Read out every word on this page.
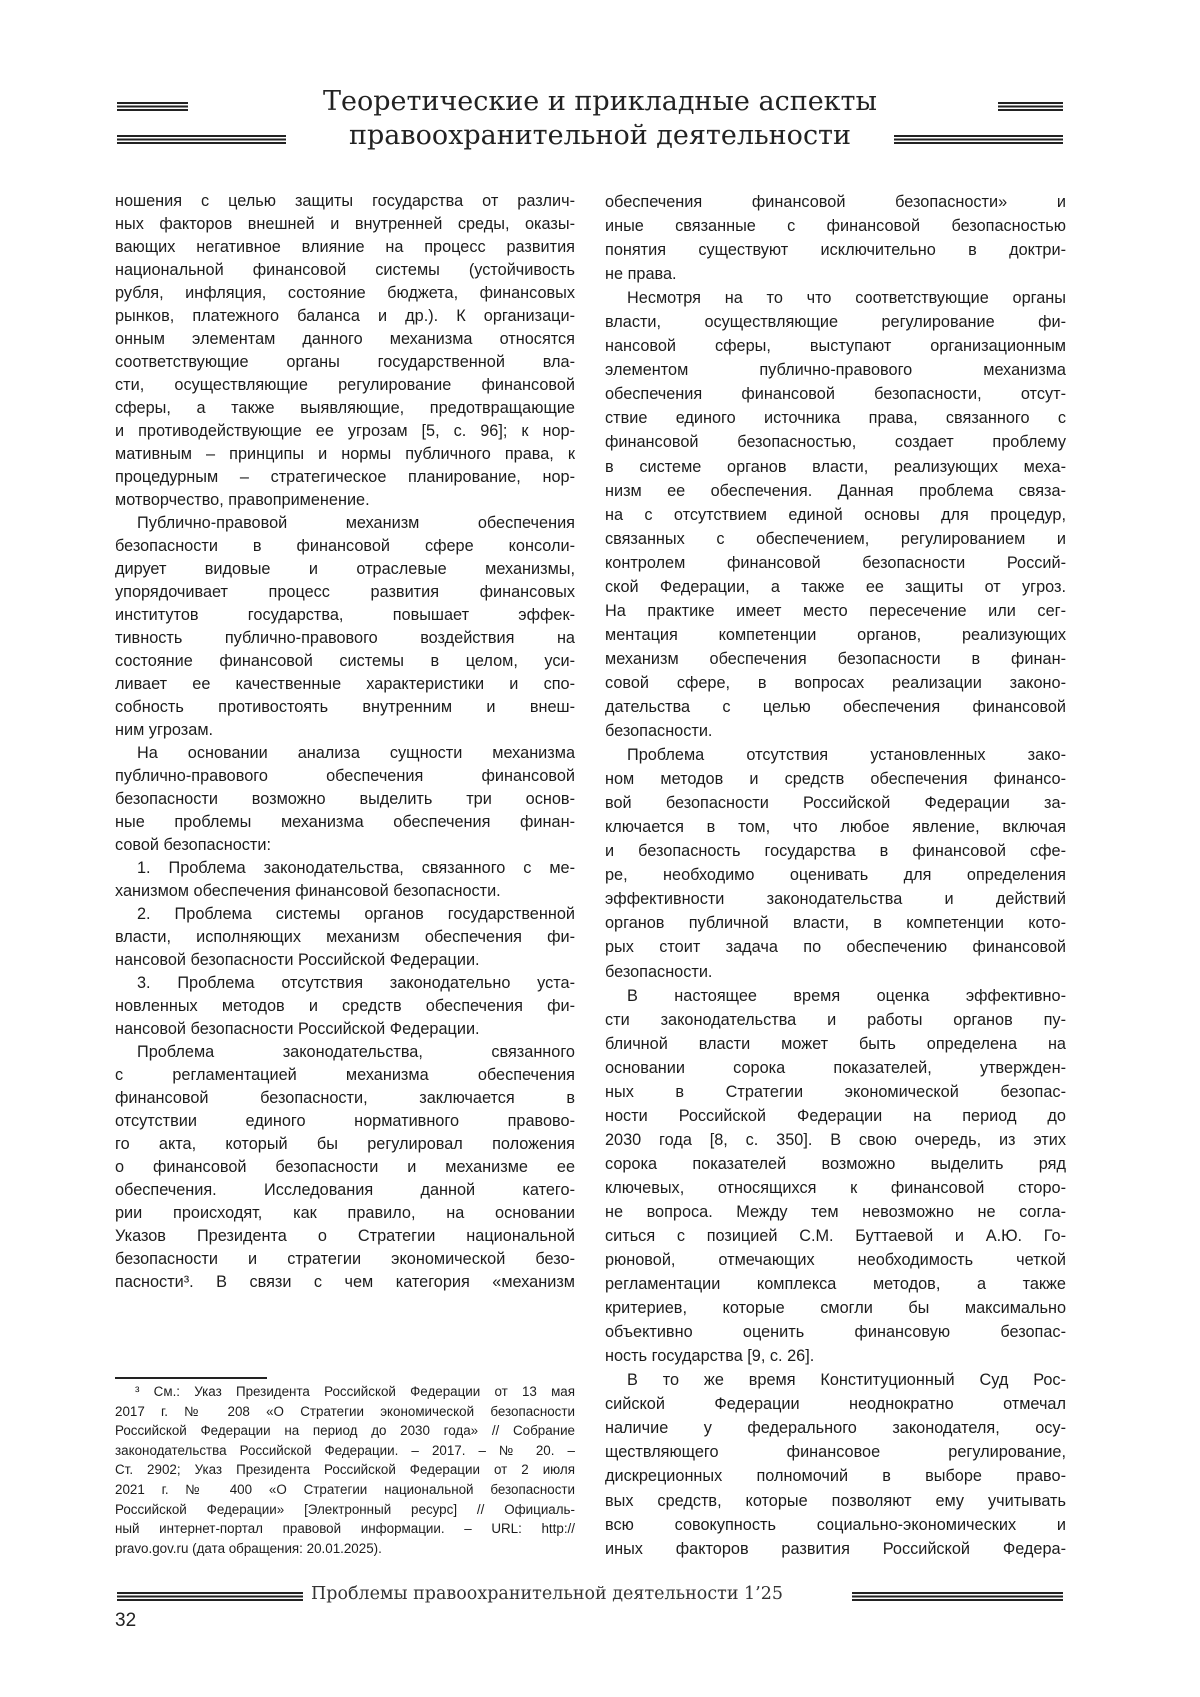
Теоретические и прикладные аспекты
правоохранительной деятельности
ношения с целью защиты государства от различ-
ных факторов внешней и внутренней среды, оказы-
вающих негативное влияние на процесс развития
национальной финансовой системы (устойчивость
рубля, инфляция, состояние бюджета, финансовых
рынков, платежного баланса и др.). К организаци-
онным элементам данного механизма относятся
соответствующие органы государственной вла-
сти, осуществляющие регулирование финансовой
сферы, а также выявляющие, предотвращающие
и противодействующие ее угрозам [5, с. 96]; к нор-
мативным – принципы и нормы публичного права, к
процедурным – стратегическое планирование, нор-
мотворчество, правоприменение.
Публично-правовой механизм обеспечения
безопасности в финансовой сфере консоли-
дирует видовые и отраслевые механизмы,
упорядочивает процесс развития финансовых
институтов государства, повышает эффек-
тивность публично-правового воздействия на
состояние финансовой системы в целом, уси-
ливает ее качественные характеристики и спо-
собность противостоять внутренним и внеш-
ним угрозам.
На основании анализа сущности механизма
публично-правового обеспечения финансовой
безопасности возможно выделить три основ-
ные проблемы механизма обеспечения финан-
совой безопасности:
1. Проблема законодательства, связанного с ме-
ханизмом обеспечения финансовой безопасности.
2. Проблема системы органов государственной
власти, исполняющих механизм обеспечения фи-
нансовой безопасности Российской Федерации.
3. Проблема отсутствия законодательно уста-
новленных методов и средств обеспечения фи-
нансовой безопасности Российской Федерации.
Проблема законодательства, связанного
с регламентацией механизма обеспечения
финансовой безопасности, заключается в
отсутствии единого нормативного правово-
го акта, который бы регулировал положения
о финансовой безопасности и механизме ее
обеспечения. Исследования данной катего-
рии происходят, как правило, на основании
Указов Президента о Стратегии национальной
безопасности и стратегии экономической безо-
пасности³. В связи с чем категория «механизм
обеспечения финансовой безопасности» и
иные связанные с финансовой безопасностью
понятия существуют исключительно в доктри-
не права.
Несмотря на то что соответствующие органы
власти, осуществляющие регулирование фи-
нансовой сферы, выступают организационным
элементом публично-правового механизма
обеспечения финансовой безопасности, отсут-
ствие единого источника права, связанного с
финансовой безопасностью, создает проблему
в системе органов власти, реализующих меха-
низм ее обеспечения. Данная проблема связа-
на с отсутствием единой основы для процедур,
связанных с обеспечением, регулированием и
контролем финансовой безопасности Россий-
ской Федерации, а также ее защиты от угроз.
На практике имеет место пересечение или сег-
ментация компетенции органов, реализующих
механизм обеспечения безопасности в финан-
совой сфере, в вопросах реализации законо-
дательства с целью обеспечения финансовой
безопасности.
Проблема отсутствия установленных зако-
ном методов и средств обеспечения финансо-
вой безопасности Российской Федерации за-
ключается в том, что любое явление, включая
и безопасность государства в финансовой сфе-
ре, необходимо оценивать для определения
эффективности законодательства и действий
органов публичной власти, в компетенции кото-
рых стоит задача по обеспечению финансовой
безопасности.
В настоящее время оценка эффективно-
сти законодательства и работы органов пу-
бличной власти может быть определена на
основании сорока показателей, утвержден-
ных в Стратегии экономической безопас-
ности Российской Федерации на период до
2030 года [8, с. 350]. В свою очередь, из этих
сорока показателей возможно выделить ряд
ключевых, относящихся к финансовой сторо-
не вопроса. Между тем невозможно не согла-
ситься с позицией С.М. Буттаевой и А.Ю. Го-
рюновой, отмечающих необходимость четкой
регламентации комплекса методов, а также
критериев, которые смогли бы максимально
объективно оценить финансовую безопас-
ность государства [9, с. 26].
В то же время Конституционный Суд Рос-
сийской Федерации неоднократно отмечал
наличие у федерального законодателя, осу-
ществляющего финансовое регулирование,
дискреционных полномочий в выборе право-
вых средств, которые позволяют ему учитывать
всю совокупность социально-экономических и
иных факторов развития Российской Федера-
³ См.: Указ Президента Российской Федерации от 13 мая
2017 г. № 208 «О Стратегии экономической безопасности
Российской Федерации на период до 2030 года» // Собрание
законодательства Российской Федерации. – 2017. – № 20. –
Ст. 2902; Указ Президента Российской Федерации от 2 июля
2021 г. № 400 «О Стратегии национальной безопасности
Российской Федерации» [Электронный ресурс] // Официаль-
ный интернет-портал правовой информации. – URL: http://
pravo.gov.ru (дата обращения: 20.01.2025).
Проблемы правоохранительной деятельности 1’25
32
